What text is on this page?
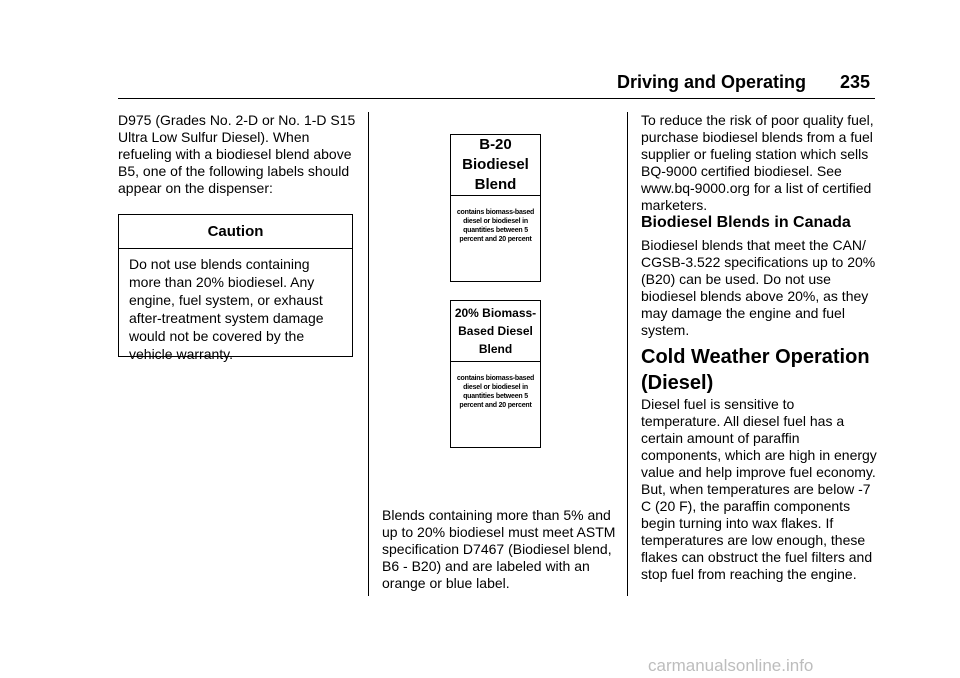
Driving and Operating 235

D975 (Grades No. 2-D or No. 1-D S15 Ultra Low Sulfur Diesel). When refueling with a biodiesel blend above B5, one of the following labels should appear on the dispenser:

Caution
Do not use blends containing more than 20% biodiesel. Any engine, fuel system, or exhaust after-treatment system damage would not be covered by the vehicle warranty.
B-20 Biodiesel Blend
contains biomass-based diesel or biodiesel in quantities between 5 percent and 20 percent
20% Biomass-Based Diesel Blend
contains biomass-based diesel or biodiesel in quantities between 5 percent and 20 percent

Blends containing more than 5% and up to 20% biodiesel must meet ASTM specification D7467 (Biodiesel blend, B6 - B20) and are labeled with an orange or blue label.

To reduce the risk of poor quality fuel, purchase biodiesel blends from a fuel supplier or fueling station which sells BQ-9000 certified biodiesel. See www.bq-9000.org for a list of certified marketers.

Biodiesel Blends in Canada

Biodiesel blends that meet the CAN/ CGSB-3.522 specifications up to 20% (B20) can be used. Do not use biodiesel blends above 20%, as they may damage the engine and fuel system.

Cold Weather Operation (Diesel)

Diesel fuel is sensitive to temperature. All diesel fuel has a certain amount of paraffin components, which are high in energy value and help improve fuel economy. But, when temperatures are below -7 C (20 F), the paraffin components begin turning into wax flakes. If temperatures are low enough, these flakes can obstruct the fuel filters and stop fuel from reaching the engine.

carmanualsonline.info
